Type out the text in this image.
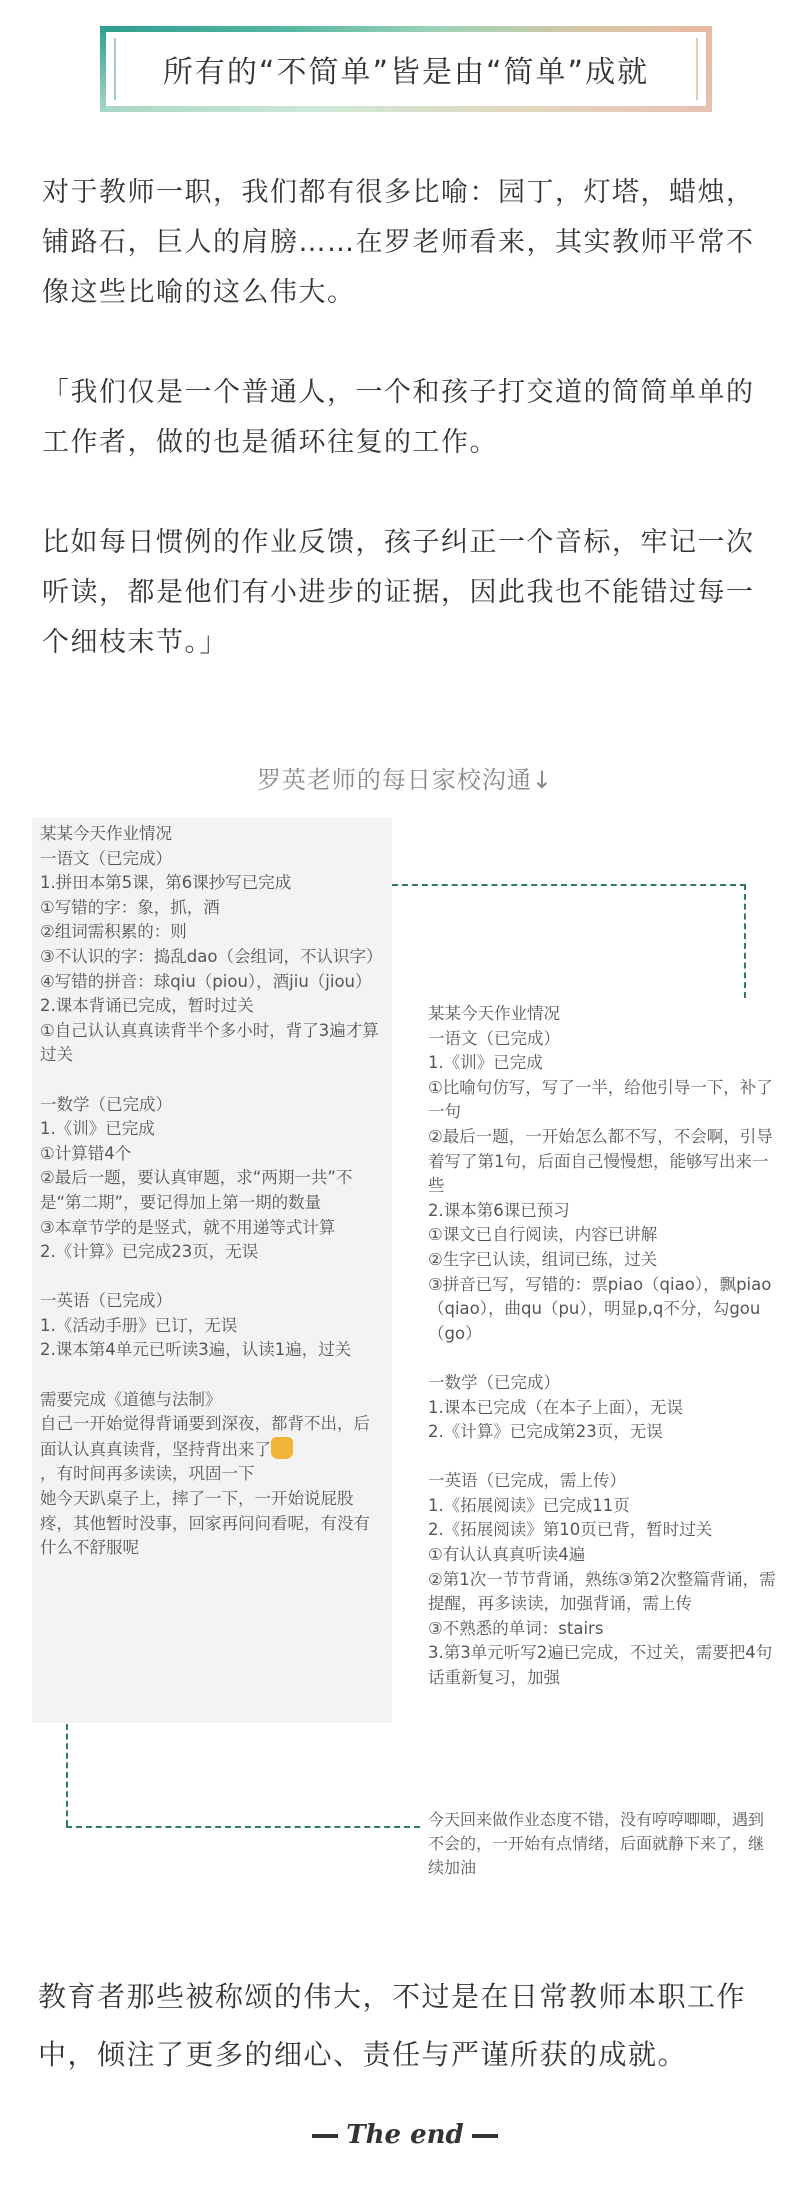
所有的“不简单”皆是由“简单”成就

对于教师一职，我们都有很多比喻：园丁，灯塔，蜡烛，铺路石，巨人的肩膀……在罗老师看来，其实教师平常不像这些比喻的这么伟大。

「我们仅是一个普通人，一个和孩子打交道的简简单单的工作者，做的也是循环往复的工作。

比如每日惯例的作业反馈，孩子纠正一个音标，牢记一次听读，都是他们有小进步的证据，因此我也不能错过每一个细枝末节。」

罗英老师的每日家校沟通↓
某某今天作业情况
一语文（已完成）
1.拼田本第5课，第6课抄写已完成
①写错的字：象，抓，酒
②组词需积累的：则
③不认识的字：捣乱dao（会组词，不认识字）
④写错的拼音：球qiu（piou），酒jiu（jiou）
2.课本背诵已完成，暂时过关
①自己认认真真读背半个多小时，背了3遍才算过关

一数学（已完成）
1.《训》已完成
①计算错4个
②最后一题，要认真审题，求“两期一共”不是“第二期”，要记得加上第一期的数量
③本章节学的是竖式，就不用递等式计算
2.《计算》已完成23页，无误

一英语（已完成）
1.《活动手册》已订，无误
2.课本第4单元已听读3遍，认读1遍，过关

需要完成《道德与法制》
自己一开始觉得背诵要到深夜，都背不出，后面认认真真读背，坚持背出来了
，有时间再多读读，巩固一下
她今天趴桌子上，摔了一下，一开始说屁股疼，其他暂时没事，回家再问问看呢，有没有什么不舒服呢
某某今天作业情况
一语文（已完成）
1.《训》已完成
①比喻句仿写，写了一半，给他引导一下，补了一句
②最后一题，一开始怎么都不写，不会啊，引导着写了第1句，后面自己慢慢想，能够写出来一些
2.课本第6课已预习
①课文已自行阅读，内容已讲解
②生字已认读，组词已练，过关
③拼音已写，写错的：票piao（qiao），飘piao（qiao），曲qu（pu），明显p,q不分，勾gou（go）

一数学（已完成）
1.课本已完成（在本子上面），无误
2.《计算》已完成第23页，无误

一英语（已完成，需上传）
1.《拓展阅读》已完成11页
2.《拓展阅读》第10页已背，暂时过关
①有认认真真听读4遍
②第1次一节节背诵，熟练③第2次整篇背诵，需提醒，再多读读，加强背诵，需上传
③不熟悉的单词：stairs
3.第3单元听写2遍已完成，不过关，需要把4句话重新复习，加强
今天回来做作业态度不错，没有哼哼唧唧，遇到不会的，一开始有点情绪，后面就静下来了，继续加油

教育者那些被称颂的伟大，不过是在日常教师本职工作中，倾注了更多的细心、责任与严谨所获的成就。

The end
